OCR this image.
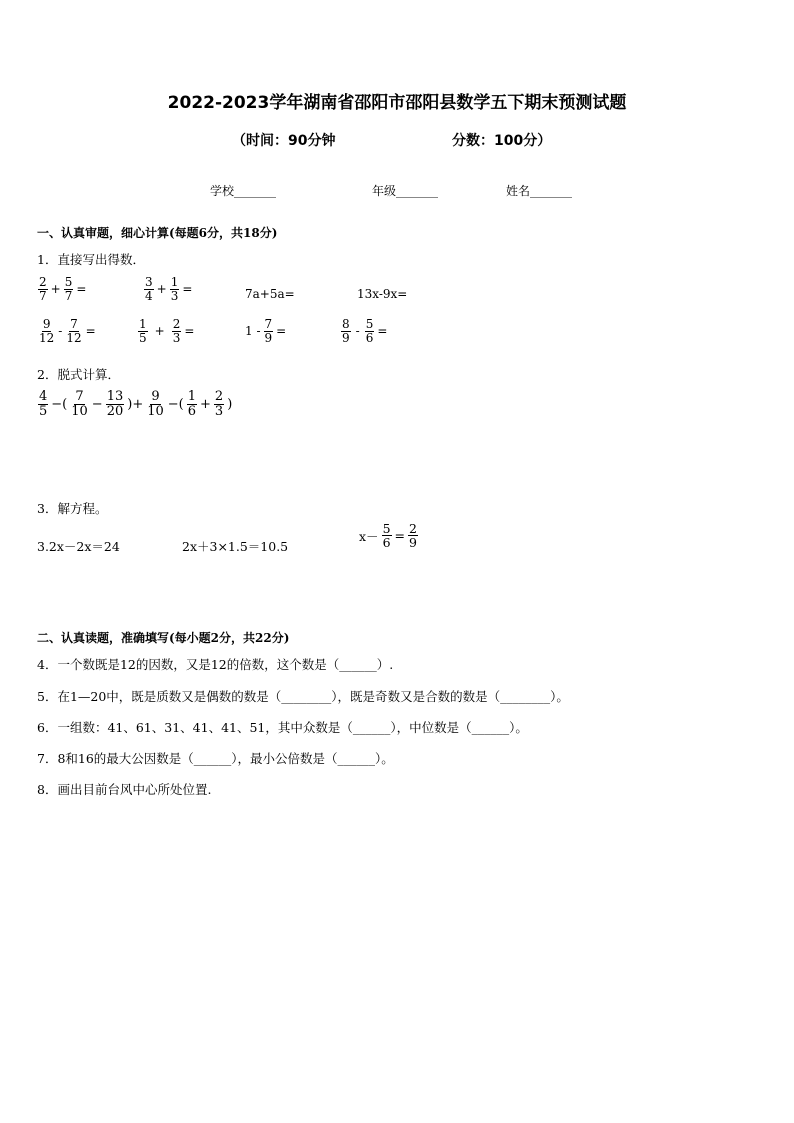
2022-2023学年湖南省邵阳市邵阳县数学五下期末预测试题
（时间：90分钟	分数：100分）
学校_______	年级_______	姓名_______
一、认真审题，细心计算(每题6分，共18分)
1．直接写出得数．
$\frac{2}{7} + \frac{5}{7}$ =	$\frac{3}{4} + \frac{1}{3}$ =	7a+5a=	13x-9x=
$\frac{9}{12} - \frac{7}{12}$ =	$\frac{1}{5} + \frac{2}{3}$ =	$1 - \frac{7}{9}$ =	$\frac{8}{9} - \frac{5}{6}$ =
2．脱式计算．
$\frac{4}{5}$ −( $\frac{7}{10} - \frac{13}{20}$ )+ $\frac{9}{10}$ −( $\frac{1}{6} + \frac{2}{3}$ )
3．解方程。
3.2x－2x＝24	2x＋3×1.5＝10.5
$x- \frac{5}{6} = \frac{2}{9}$
二、认真读题，准确填写(每小题2分，共22分)
4．一个数既是12的因数，又是12的倍数，这个数是（______）.
5．在1—20中，既是质数又是偶数的数是（________），既是奇数又是合数的数是（________）。
6．一组数：41、61、31、41、41、51，其中众数是（______），中位数是（______）。
7．8和16的最大公因数是（______），最小公倍数是（______）。
8．画出目前台风中心所处位置.
